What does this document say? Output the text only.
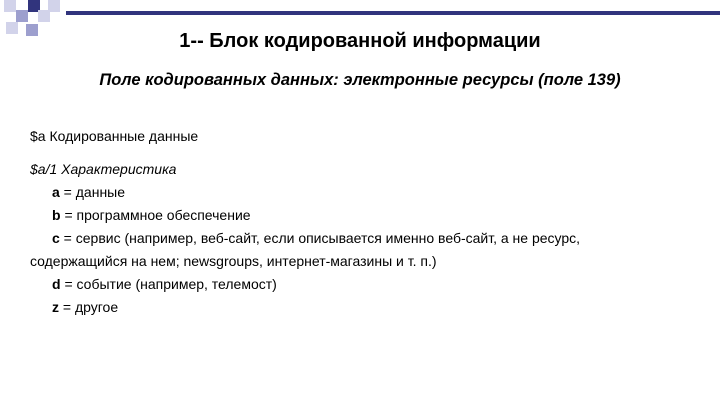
1-- Блок кодированной информации
Поле кодированных данных: электронные ресурсы (поле 139)
$a Кодированные данные
$a/1 Характеристика
a = данные
b = программное обеспечение
c = сервис (например, веб-сайт, если описывается именно веб-сайт, а не ресурс,
содержащийся на нем; newsgroups, интернет-магазины и т. п.)
d = событие (например, телемост)
z = другое
